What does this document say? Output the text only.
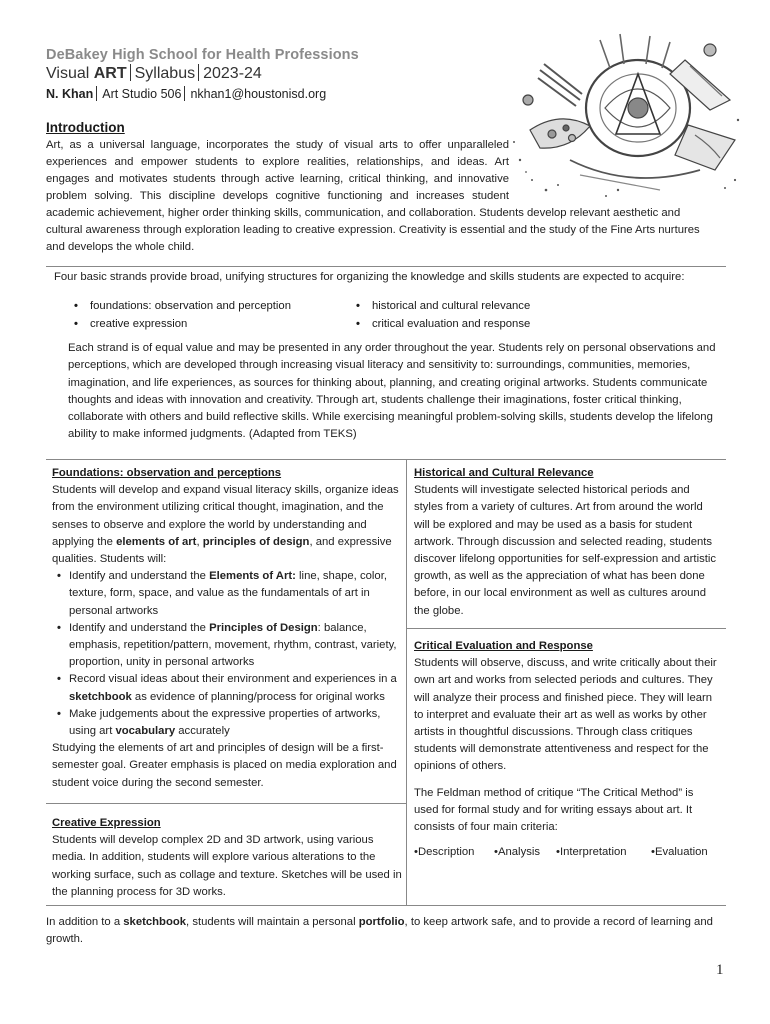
DeBakey High School for Health Professions
Visual ART Syllabus 2023-24
N. Khan Art Studio 506 nkhan1@houstonisd.org
Introduction
Art, as a universal language, incorporates the study of visual arts to offer unparalleled
experiences and empower students to explore realities, relationships, and ideas. Art
engages and motivates students through active learning, critical thinking, and innovative
problem solving. This discipline develops cognitive functioning and increases student
academic achievement, higher order thinking skills, communication, and collaboration. Students develop relevant aesthetic and
cultural awareness through exploration leading to creative expression. Creativity is essential and the study of the Fine Arts nurtures
and develops the whole child.
Four basic strands provide broad, unifying structures for organizing the knowledge and skills students are expected to acquire:
• foundations: observation and perception
• creative expression
• historical and cultural relevance
• critical evaluation and response
Each strand is of equal value and may be presented in any order throughout the year. Students rely on personal observations and perceptions, which are developed through increasing visual literacy and sensitivity to: surroundings, communities, memories, imagination, and life experiences, as sources for thinking about, planning, and creating original artworks. Students communicate thoughts and ideas with innovation and creativity. Through art, students challenge their imaginations, foster critical thinking, collaborate with others and build reflective skills. While exercising meaningful problem-solving skills, students develop the lifelong ability to make informed judgments. (Adapted from TEKS)
Foundations: observation and perceptions
Students will develop and expand visual literacy skills, organize ideas from the environment utilizing critical thought, imagination, and the senses to observe and explore the world by understanding and applying the elements of art, principles of design, and expressive qualities. Students will:
• Identify and understand the Elements of Art: line, shape, color, texture, form, space, and value as the fundamentals of art in personal artworks
• Identify and understand the Principles of Design: balance, emphasis, repetition/pattern, movement, rhythm, contrast, variety, proportion, unity in personal artworks
• Record visual ideas about their environment and experiences in a sketchbook as evidence of planning/process for original works
• Make judgements about the expressive properties of artworks, using art vocabulary accurately
Studying the elements of art and principles of design will be a first-semester goal. Greater emphasis is placed on media exploration and student voice during the second semester.
Creative Expression
Students will develop complex 2D and 3D artwork, using various media. In addition, students will explore various alterations to the working surface, such as collage and texture. Sketches will be used in the planning process for 3D works.
Historical and Cultural Relevance
Students will investigate selected historical periods and styles from a variety of cultures. Art from around the world will be explored and may be used as a basis for student artwork. Through discussion and selected reading, students discover lifelong opportunities for self-expression and artistic growth, as well as the appreciation of what has been done before, in our local environment as well as cultures around the globe.
Critical Evaluation and Response
Students will observe, discuss, and write critically about their own art and works from selected periods and cultures. They will analyze their process and finished piece. They will learn to interpret and evaluate their art as well as works by other artists in thoughtful discussions. Through class critiques students will demonstrate attentiveness and respect for the opinions of others.
The Feldman method of critique “The Critical Method” is used for formal study and for writing essays about art. It consists of four main criteria:
•Description •Analysis •Interpretation •Evaluation
In addition to a sketchbook, students will maintain a personal portfolio, to keep artwork safe, and to provide a record of learning and growth.
1
